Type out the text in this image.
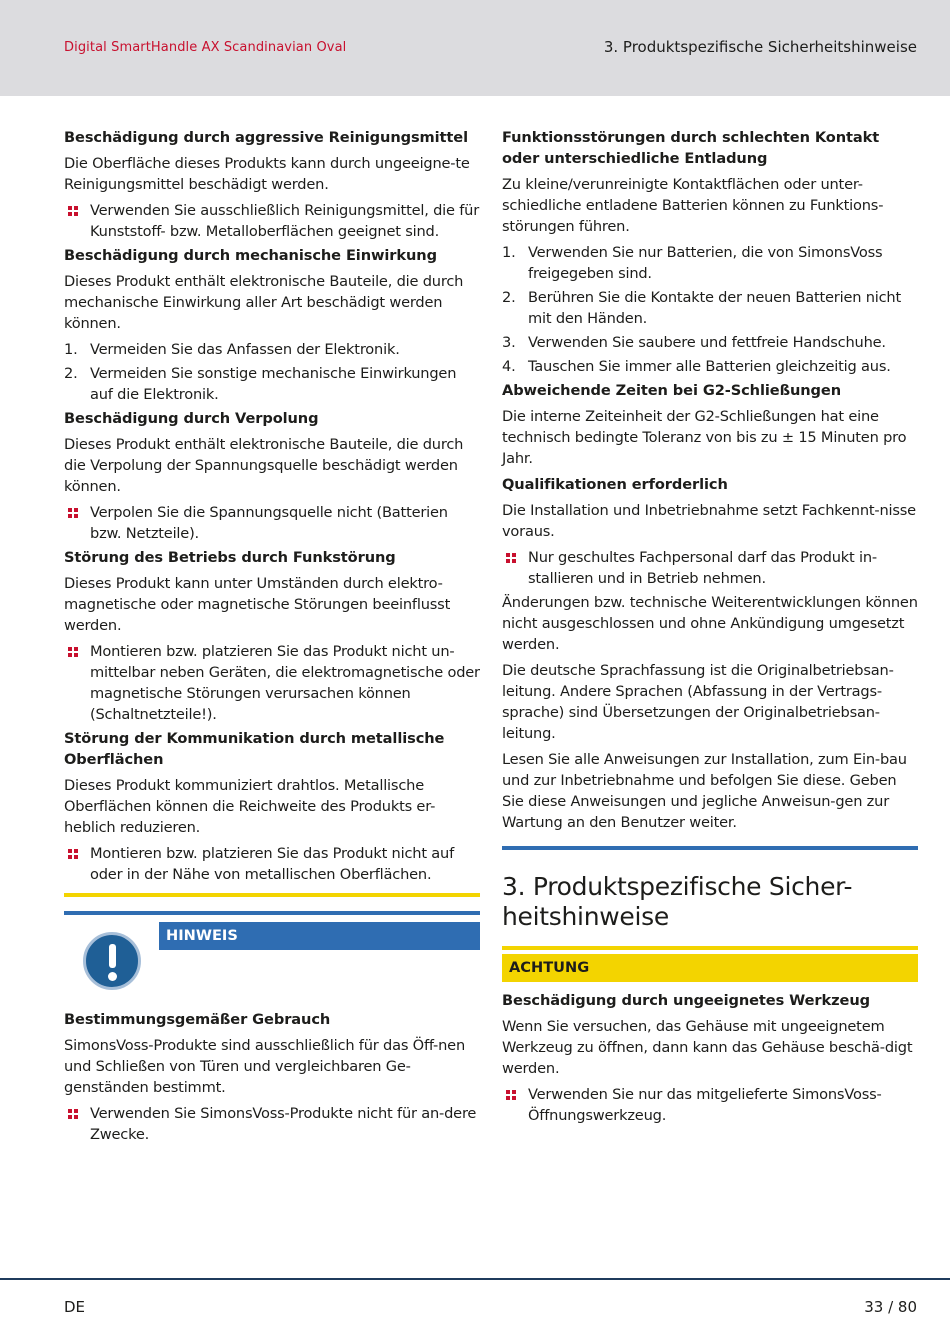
Digital SmartHandle AX Scandinavian Oval	3. Produktspezifische Sicherheitshinweise
Beschädigung durch aggressive Reinigungsmittel
Die Oberfläche dieses Produkts kann durch ungeeigne-te Reinigungsmittel beschädigt werden.
Verwenden Sie ausschließlich Reinigungsmittel, die für Kunststoff- bzw. Metalloberflächen geeignet sind.
Beschädigung durch mechanische Einwirkung
Dieses Produkt enthält elektronische Bauteile, die durch mechanische Einwirkung aller Art beschädigt werden können.
1. Vermeiden Sie das Anfassen der Elektronik.
2. Vermeiden Sie sonstige mechanische Einwirkungen auf die Elektronik.
Beschädigung durch Verpolung
Dieses Produkt enthält elektronische Bauteile, die durch die Verpolung der Spannungsquelle beschädigt werden können.
Verpolen Sie die Spannungsquelle nicht (Batterien bzw. Netzteile).
Störung des Betriebs durch Funkstörung
Dieses Produkt kann unter Umständen durch elektro-magnetische oder magnetische Störungen beeinflusst werden.
Montieren bzw. platzieren Sie das Produkt nicht un-mittelbar neben Geräten, die elektromagnetische oder magnetische Störungen verursachen können (Schaltnetzteile!).
Störung der Kommunikation durch metallische Oberflächen
Dieses Produkt kommuniziert drahtlos. Metallische Oberflächen können die Reichweite des Produkts er-heblich reduzieren.
Montieren bzw. platzieren Sie das Produkt nicht auf oder in der Nähe von metallischen Oberflächen.
HINWEIS
Bestimmungsgemäßer Gebrauch
SimonsVoss-Produkte sind ausschließlich für das Öff-nen und Schließen von Türen und vergleichbaren Ge-genständen bestimmt.
Verwenden Sie SimonsVoss-Produkte nicht für an-dere Zwecke.
Funktionsstörungen durch schlechten Kontakt oder unterschiedliche Entladung
Zu kleine/verunreinigte Kontaktflächen oder unter-schiedliche entladene Batterien können zu Funktions-störungen führen.
1. Verwenden Sie nur Batterien, die von SimonsVoss freigegeben sind.
2. Berühren Sie die Kontakte der neuen Batterien nicht mit den Händen.
3. Verwenden Sie saubere und fettfreie Handschuhe.
4. Tauschen Sie immer alle Batterien gleichzeitig aus.
Abweichende Zeiten bei G2-Schließungen
Die interne Zeiteinheit der G2-Schließungen hat eine technisch bedingte Toleranz von bis zu ± 15 Minuten pro Jahr.
Qualifikationen erforderlich
Die Installation und Inbetriebnahme setzt Fachkennt-nisse voraus.
Nur geschultes Fachpersonal darf das Produkt in-stallieren und in Betrieb nehmen.
Änderungen bzw. technische Weiterentwicklungen können nicht ausgeschlossen und ohne Ankündigung umgesetzt werden.
Die deutsche Sprachfassung ist die Originalbetriebsan-leitung. Andere Sprachen (Abfassung in der Vertrags-sprache) sind Übersetzungen der Originalbetriebsan-leitung.
Lesen Sie alle Anweisungen zur Installation, zum Ein-bau und zur Inbetriebnahme und befolgen Sie diese. Geben Sie diese Anweisungen und jegliche Anweisun-gen zur Wartung an den Benutzer weiter.
3. Produktspezifische Sicher-heitshinweise
ACHTUNG
Beschädigung durch ungeeignetes Werkzeug
Wenn Sie versuchen, das Gehäuse mit ungeeignetem Werkzeug zu öffnen, dann kann das Gehäuse beschä-digt werden.
Verwenden Sie nur das mitgelieferte SimonsVoss-Öffnungswerkzeug.
DE	33 / 80
